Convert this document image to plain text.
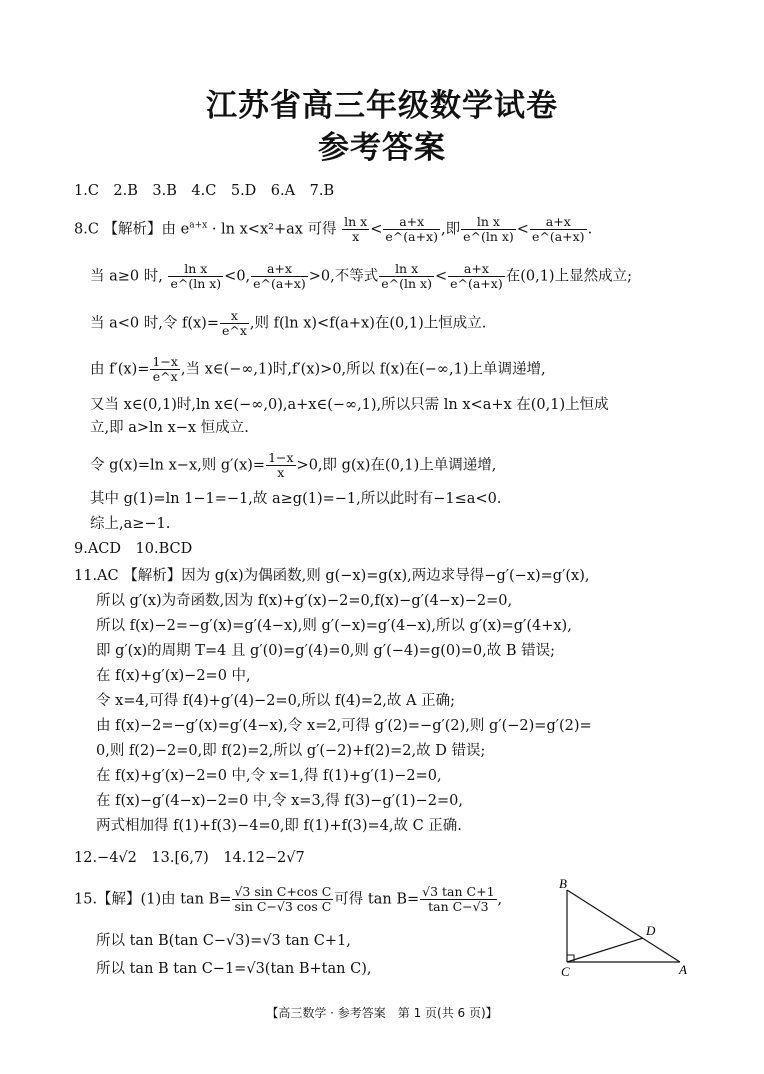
江苏省高三年级数学试卷
参考答案
1.C　2.B　3.B　4.C　5.D　6.A　7.B
8.C 【解析】由 $e^{a+x} \cdot \ln x<x^2+ax$ 可得 $\frac{\text{ln x}}{x} < \frac{a+x}{e\^{}(a+x)}$ ,即 $\frac{\text{ln x}}{\text{e\textasciicircum{}(ln x)}} < \frac{a+x}{e\^{}(a+x)}$ .
当 a≥0 时, $\frac{\text{ln x}}{\text{e\textasciicircum{}(ln x)}} <0$, $\frac{a+x}{e\^{}(a+x)} >0$,不等式 $\frac{\text{ln x}}{\text{e\textasciicircum{}(ln x)}} < \frac{a+x}{e\^{}(a+x)}$ 在(0,1)上显然成立;
当 a<0 时,令 $f(x)= \frac{x}{e\^{}x}$ ,则 f(ln x)<f(a+x)在(0,1)上恒成立.
由 $f'(x)= \frac{1-x}{e\^{}x}$ ,当 x∈(−∞,1)时,f′(x)>0,所以 f(x)在(−∞,1)上单调递增,
又当 x∈(0,1)时,ln x∈(−∞,0),a+x∈(−∞,1),所以只需 ln x<a+x 在(0,1)上恒成
立,即 a>ln x−x 恒成立.
令 g(x)=ln x−x,则 $g'(x)= \frac{1-x}{x} >0$,即 g(x)在(0,1)上单调递增,
其中 g(1)=ln 1−1=−1,故 a≥g(1)=−1,所以此时有−1≤a<0.
综上,a≥−1.
9.ACD　10.BCD
11.AC 【解析】因为 g(x)为偶函数,则 g(−x)=g(x),两边求导得−g′(−x)=g′(x),
所以 g′(x)为奇函数,因为 f(x)+g′(x)−2=0,f(x)−g′(4−x)−2=0,
所以 f(x)−2=−g′(x)=g′(4−x),则 g′(−x)=g′(4−x),所以 g′(x)=g′(4+x),
即 g′(x)的周期 T=4 且 g′(0)=g′(4)=0,则 g′(−4)=g(0)=0,故 B 错误;
在 f(x)+g′(x)−2=0 中,
令 x=4,可得 f(4)+g′(4)−2=0,所以 f(4)=2,故 A 正确;
由 f(x)−2=−g′(x)=g′(4−x),令 x=2,可得 g′(2)=−g′(2),则 g′(−2)=g′(2)=
0,则 f(2)−2=0,即 f(2)=2,所以 g′(−2)+f(2)=2,故 D 错误;
在 f(x)+g′(x)−2=0 中,令 x=1,得 f(1)+g′(1)−2=0,
在 f(x)−g′(4−x)−2=0 中,令 x=3,得 f(3)−g′(1)−2=0,
两式相加得 f(1)+f(3)−4=0,即 f(1)+f(3)=4,故 C 正确.
12.−4√2　13.[6,7)　14.12−2√7
15.【解】(1)由 $\tan B= \frac{\text{√3 sin C+cos C}}{\text{sin C−√3 cos C}}$ 可得 $\tan B= \frac{\text{√3 tan C+1}}{\text{tan C−√3}}$ ,
所以 tan B(tan C−√3)=√3 tan C+1,
所以 tan B tan C−1=√3(tan B+tan C),
B
C	A
D
【高三数学 · 参考答案　第 1 页(共 6 页)】
